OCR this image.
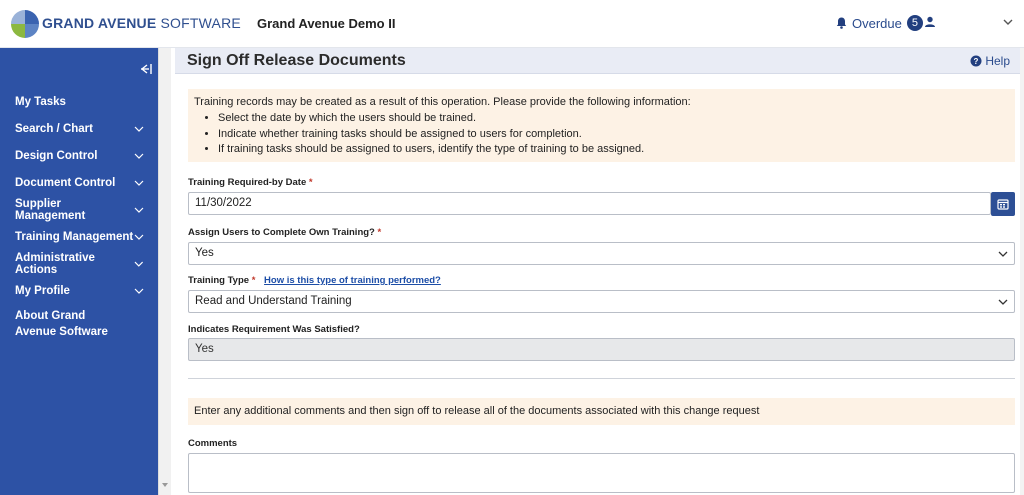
GRAND AVENUE SOFTWARE Grand Avenue Demo II	Overdue 5
My Tasks
Search / Chart
Design Control
Document Control
Supplier Management
Training Management
Administrative Actions
My Profile
About Grand Avenue Software
Sign Off Release Documents	? Help

Training records may be created as a result of this operation. Please provide the following information:

• Select the date by which the users should be trained.
• Indicate whether training tasks should be assigned to users for completion.
• If training tasks should be assigned to users, identify the type of training to be assigned.
Training Required-by Date *
11/30/2022
Assign Users to Complete Own Training? *
Yes
Training Type * How is this type of training performed?
Read and Understand Training
Indicates Requirement Was Satisfied?
Yes
Enter any additional comments and then sign off to release all of the documents associated with this change request
Comments
